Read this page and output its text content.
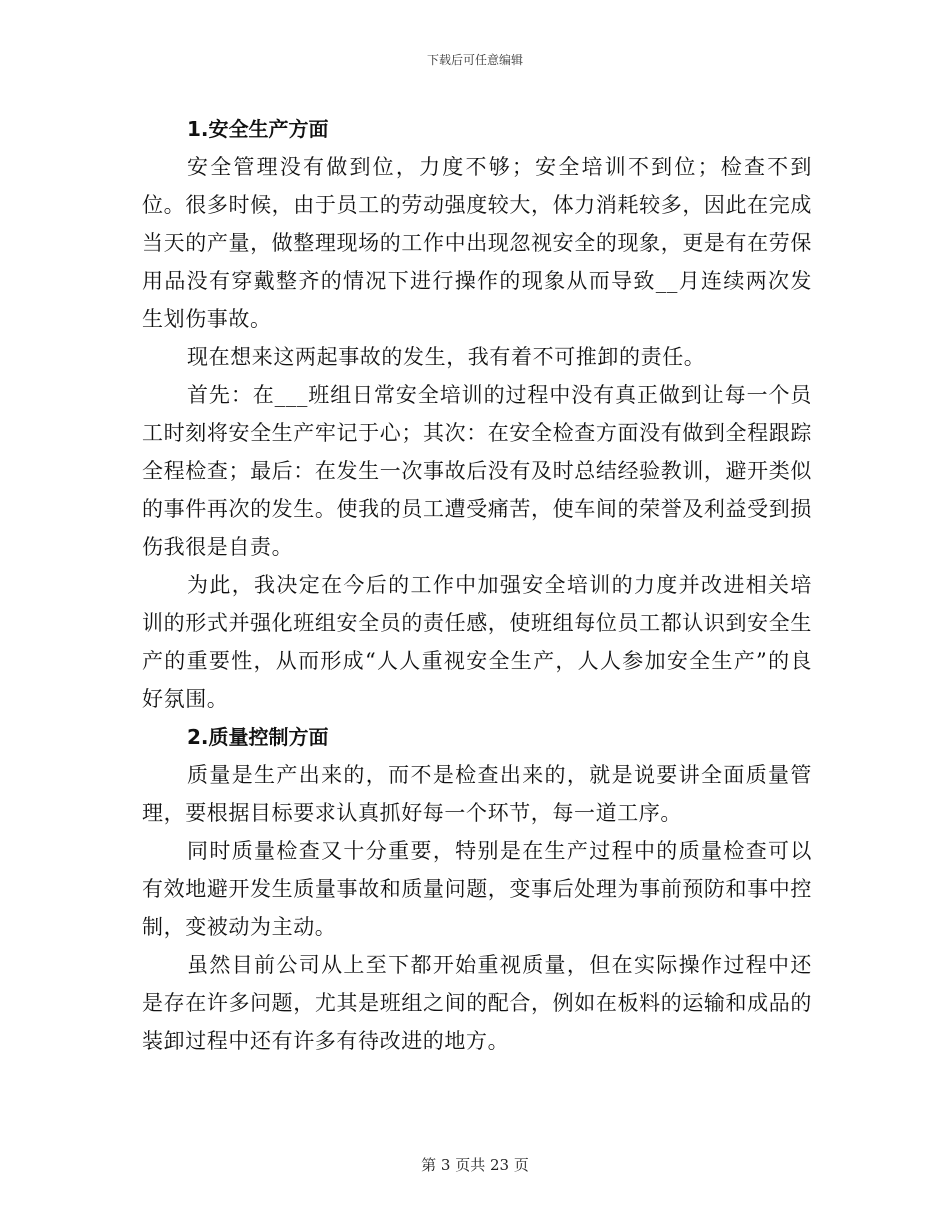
下载后可任意编辑

1.安全生产方面

安全管理没有做到位，力度不够；安全培训不到位；检查不到位。很多时候，由于员工的劳动强度较大，体力消耗较多，因此在完成当天的产量，做整理现场的工作中出现忽视安全的现象，更是有在劳保用品没有穿戴整齐的情况下进行操作的现象从而导致__月连续两次发生划伤事故。

现在想来这两起事故的发生，我有着不可推卸的责任。

首先：在___班组日常安全培训的过程中没有真正做到让每一个员工时刻将安全生产牢记于心；其次：在安全检查方面没有做到全程跟踪全程检查；最后：在发生一次事故后没有及时总结经验教训，避开类似的事件再次的发生。使我的员工遭受痛苦，使车间的荣誉及利益受到损伤我很是自责。

为此，我决定在今后的工作中加强安全培训的力度并改进相关培训的形式并强化班组安全员的责任感，使班组每位员工都认识到安全生产的重要性，从而形成“人人重视安全生产，人人参加安全生产”的良好氛围。

2.质量控制方面

质量是生产出来的，而不是检查出来的，就是说要讲全面质量管理，要根据目标要求认真抓好每一个环节，每一道工序。

同时质量检查又十分重要，特别是在生产过程中的质量检查可以有效地避开发生质量事故和质量问题，变事后处理为事前预防和事中控制，变被动为主动。

虽然目前公司从上至下都开始重视质量，但在实际操作过程中还是存在许多问题，尤其是班组之间的配合，例如在板料的运输和成品的装卸过程中还有许多有待改进的地方。

第 3 页共 23 页
